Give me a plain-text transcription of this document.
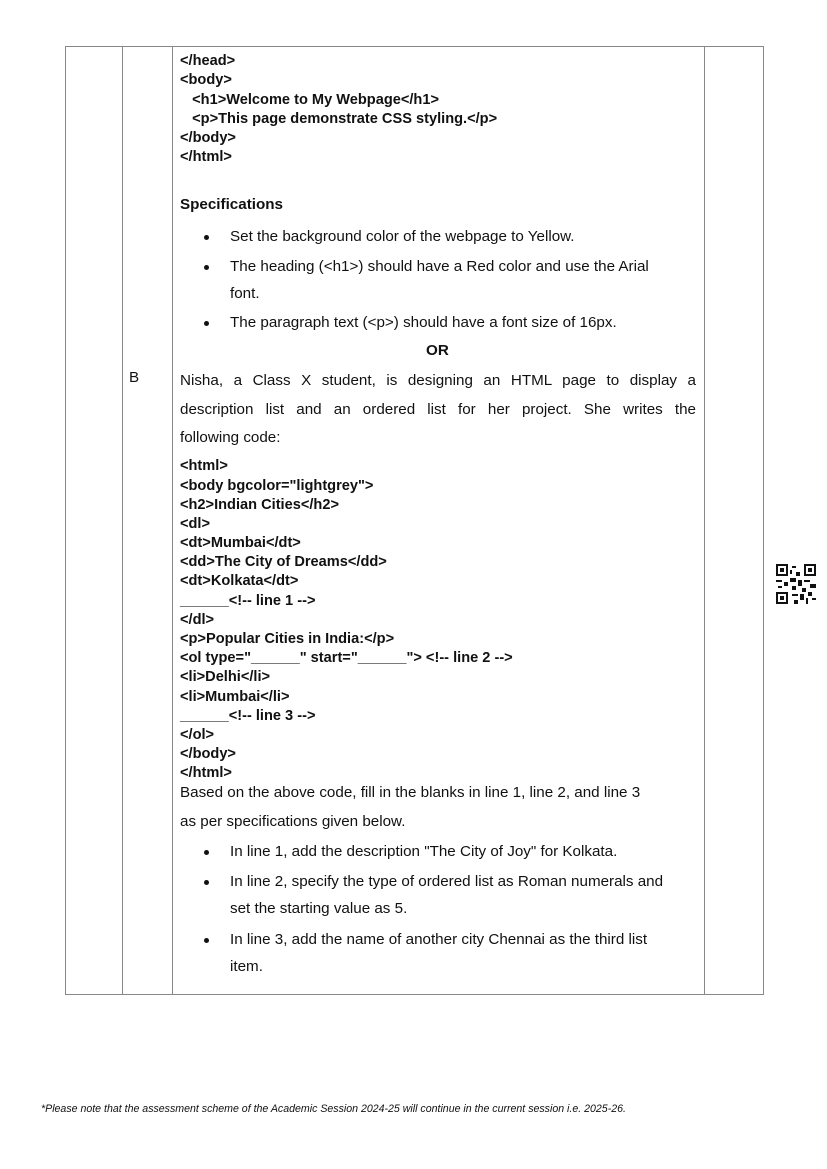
</head>
<body>
<h1>Welcome to My Webpage</h1>
<p>This page demonstrate CSS styling.</p>
</body>
</html>
Specifications
Set the background color of the webpage to Yellow.
The heading (<h1>) should have a Red color and use the Arial
font.
The paragraph text (<p>) should have a font size of 16px.
OR
B	Nisha, a Class X student, is designing an HTML page to display a
description list and an ordered list for her project. She writes the
following code:
<html>
<body bgcolor="lightgrey">
<h2>Indian Cities</h2>
<dl>
<dt>Mumbai</dt>
<dd>The City of Dreams</dd>
<dt>Kolkata</dt>
______<!-- line 1 -->
</dl>
<p>Popular Cities in India:</p>
<ol type="______" start="______"> <!-- line 2 -->
<li>Delhi</li>
<li>Mumbai</li>
______<!-- line 3 -->
</ol>
</body>
</html>
Based on the above code, fill in the blanks in line 1, line 2, and line 3
as per specifications given below.
In line 1, add the description "The City of Joy" for Kolkata.
In line 2, specify the type of ordered list as Roman numerals and
set the starting value as 5.
In line 3, add the name of another city Chennai as the third list
item.
*Please note that the assessment scheme of the Academic Session 2024-25 will continue in the current session i.e. 2025-26.
